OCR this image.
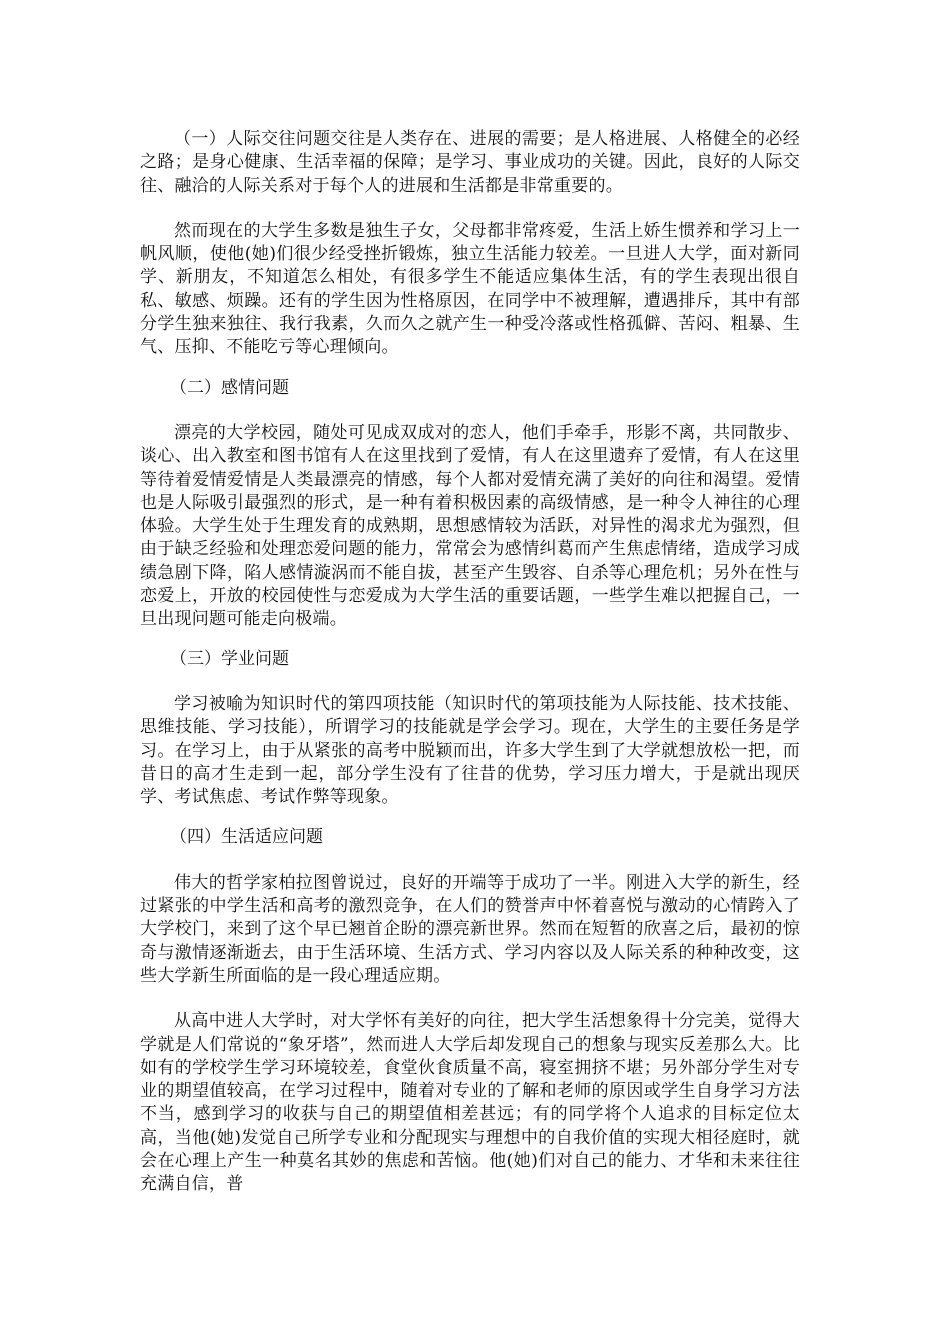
（一）人际交往问题交往是人类存在、进展的需要；是人格进展、人格健全的必经之路；是身心健康、生活幸福的保障；是学习、事业成功的关键。因此，良好的人际交往、融洽的人际关系对于每个人的进展和生活都是非常重要的。

然而现在的大学生多数是独生子女，父母都非常疼爱，生活上娇生惯养和学习上一帆风顺，使他(她)们很少经受挫折锻炼，独立生活能力较差。一旦进人大学，面对新同学、新朋友，不知道怎么相处，有很多学生不能适应集体生活，有的学生表现出很自私、敏感、烦躁。还有的学生因为性格原因，在同学中不被理解，遭遇排斥，其中有部分学生独来独往、我行我素，久而久之就产生一种受冷落或性格孤僻、苦闷、粗暴、生气、压抑、不能吃亏等心理倾向。

（二）感情问题

漂亮的大学校园，随处可见成双成对的恋人，他们手牵手，形影不离，共同散步、谈心、出入教室和图书馆有人在这里找到了爱情，有人在这里遗弃了爱情，有人在这里等待着爱情爱情是人类最漂亮的情感，每个人都对爱情充满了美好的向往和渴望。爱情也是人际吸引最强烈的形式，是一种有着积极因素的高级情感，是一种令人神往的心理体验。大学生处于生理发育的成熟期，思想感情较为活跃，对异性的渴求尤为强烈，但由于缺乏经验和处理恋爱问题的能力，常常会为感情纠葛而产生焦虑情绪，造成学习成绩急剧下降，陷人感情漩涡而不能自拔，甚至产生毁容、自杀等心理危机；另外在性与恋爱上，开放的校园使性与恋爱成为大学生活的重要话题，一些学生难以把握自己，一旦出现问题可能走向极端。

（三）学业问题

学习被喻为知识时代的第四项技能（知识时代的第项技能为人际技能、技术技能、思维技能、学习技能），所谓学习的技能就是学会学习。现在，大学生的主要任务是学习。在学习上，由于从紧张的高考中脱颖而出，许多大学生到了大学就想放松一把，而昔日的高才生走到一起，部分学生没有了往昔的优势，学习压力增大，于是就出现厌学、考试焦虑、考试作弊等现象。

（四）生活适应问题

伟大的哲学家柏拉图曾说过，良好的开端等于成功了一半。刚进入大学的新生，经过紧张的中学生活和高考的激烈竞争，在人们的赞誉声中怀着喜悦与激动的心情跨入了大学校门，来到了这个早已翘首企盼的漂亮新世界。然而在短暂的欣喜之后，最初的惊奇与激情逐渐逝去，由于生活环境、生活方式、学习内容以及人际关系的种种改变，这些大学新生所面临的是一段心理适应期。

从高中进人大学时，对大学怀有美好的向往，把大学生活想象得十分完美，觉得大学就是人们常说的“象牙塔”，然而进人大学后却发现自己的想象与现实反差那么大。比如有的学校学生学习环境较差，食堂伙食质量不高，寝室拥挤不堪；另外部分学生对专业的期望值较高，在学习过程中，随着对专业的了解和老师的原因或学生自身学习方法不当，感到学习的收获与自己的期望值相差甚远；有的同学将个人追求的目标定位太高，当他(她)发觉自己所学专业和分配现实与理想中的自我价值的实现大相径庭时，就会在心理上产生一种莫名其妙的焦虑和苦恼。他(她)们对自己的能力、才华和未来往往充满自信，普
